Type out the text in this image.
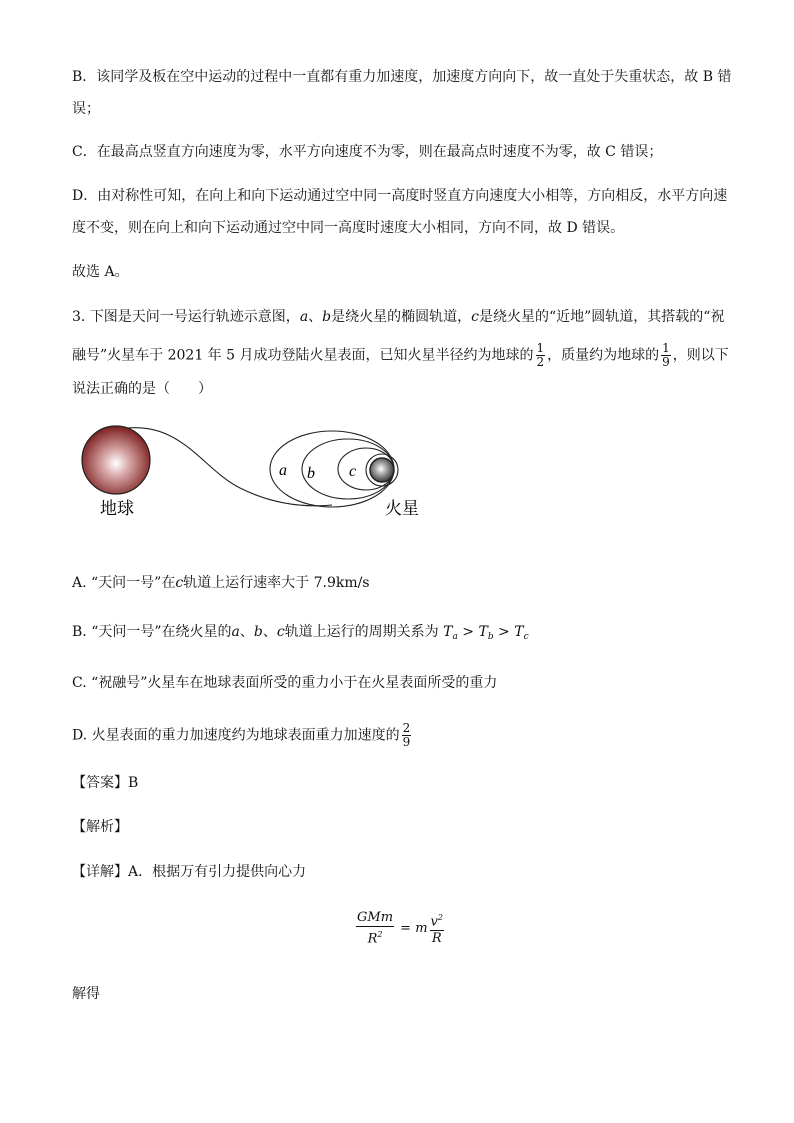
B．该同学及板在空中运动的过程中一直都有重力加速度，加速度方向向下，故一直处于失重状态，故 B 错
误；
C．在最高点竖直方向速度为零，水平方向速度不为零，则在最高点时速度不为零，故 C 错误；
D．由对称性可知，在向上和向下运动通过空中同一高度时竖直方向速度大小相等，方向相反，水平方向速
度不变，则在向上和向下运动通过空中同一高度时速度大小相同，方向不同，故 D 错误。
故选 A。
3. 下图是天问一号运行轨迹示意图，a、b是绕火星的椭圆轨道，c是绕火星的“近地”圆轨道，其搭载的“祝
融号”火星车于 2021 年 5 月成功登陆火星表面，已知火星半径约为地球的 $\frac{1}{2}$ ，质量约为地球的 $\frac{1}{9}$ ，则以下
说法正确的是（　　）
a b c
地球	火星
A. “天问一号”在c轨道上运行速率大于 7.9km/s
B. “天问一号”在绕火星的a、b、c轨道上运行的周期关系为 $T_a > T_b > T_c$
C. “祝融号”火星车在地球表面所受的重力小于在火星表面所受的重力
D. 火星表面的重力加速度约为地球表面重力加速度的 $\frac{2}{9}$
【答案】B
【解析】
【详解】A．根据万有引力提供向心力
$\frac{\text{GMm}}{R^2} = m \frac{v^2}{R}$
解得
